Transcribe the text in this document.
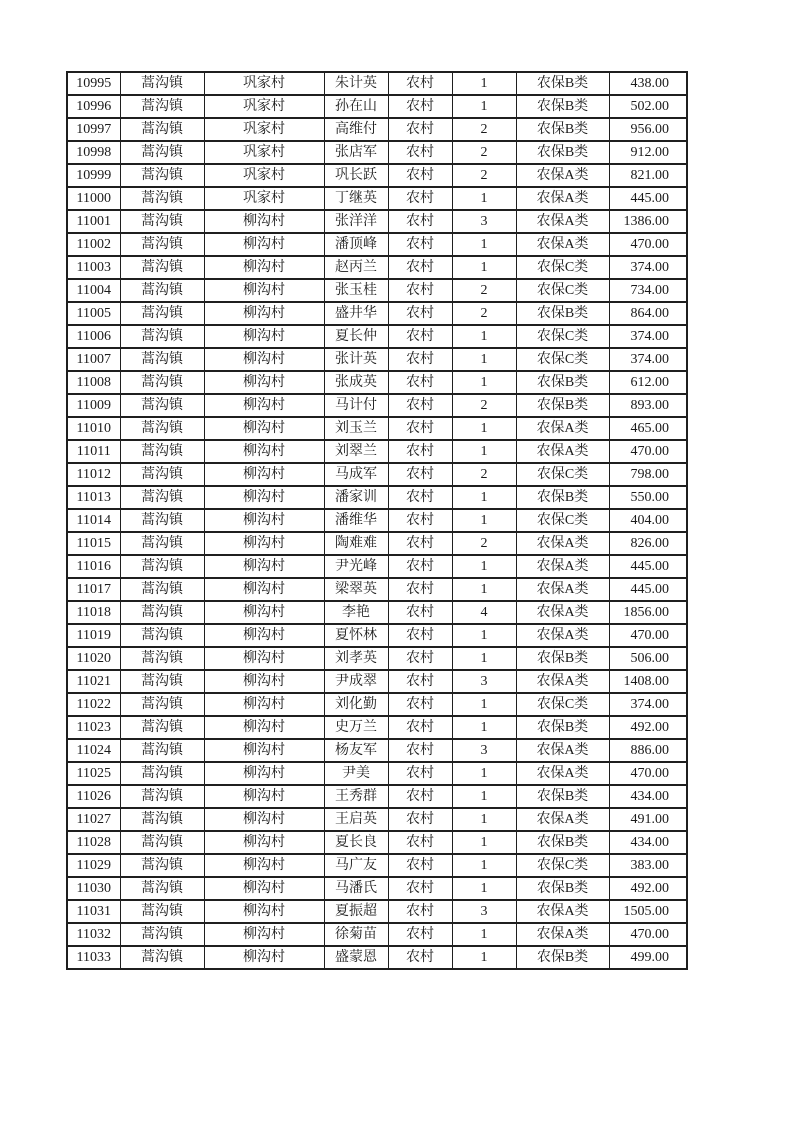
10995	蒿沟镇	巩家村	朱计英	农村	1	农保B类	438.00
10996	蒿沟镇	巩家村	孙在山	农村	1	农保B类	502.00
10997	蒿沟镇	巩家村	高维付	农村	2	农保B类	956.00
10998	蒿沟镇	巩家村	张店军	农村	2	农保B类	912.00
10999	蒿沟镇	巩家村	巩长跃	农村	2	农保A类	821.00
11000	蒿沟镇	巩家村	丁继英	农村	1	农保A类	445.00
11001	蒿沟镇	柳沟村	张洋洋	农村	3	农保A类	1386.00
11002	蒿沟镇	柳沟村	潘顶峰	农村	1	农保A类	470.00
11003	蒿沟镇	柳沟村	赵丙兰	农村	1	农保C类	374.00
11004	蒿沟镇	柳沟村	张玉桂	农村	2	农保C类	734.00
11005	蒿沟镇	柳沟村	盛井华	农村	2	农保B类	864.00
11006	蒿沟镇	柳沟村	夏长仲	农村	1	农保C类	374.00
11007	蒿沟镇	柳沟村	张计英	农村	1	农保C类	374.00
11008	蒿沟镇	柳沟村	张成英	农村	1	农保B类	612.00
11009	蒿沟镇	柳沟村	马计付	农村	2	农保B类	893.00
11010	蒿沟镇	柳沟村	刘玉兰	农村	1	农保A类	465.00
11011	蒿沟镇	柳沟村	刘翠兰	农村	1	农保A类	470.00
11012	蒿沟镇	柳沟村	马成军	农村	2	农保C类	798.00
11013	蒿沟镇	柳沟村	潘家训	农村	1	农保B类	550.00
11014	蒿沟镇	柳沟村	潘维华	农村	1	农保C类	404.00
11015	蒿沟镇	柳沟村	陶难难	农村	2	农保A类	826.00
11016	蒿沟镇	柳沟村	尹光峰	农村	1	农保A类	445.00
11017	蒿沟镇	柳沟村	梁翠英	农村	1	农保A类	445.00
11018	蒿沟镇	柳沟村	李艳	农村	4	农保A类	1856.00
11019	蒿沟镇	柳沟村	夏怀林	农村	1	农保A类	470.00
11020	蒿沟镇	柳沟村	刘孝英	农村	1	农保B类	506.00
11021	蒿沟镇	柳沟村	尹成翠	农村	3	农保A类	1408.00
11022	蒿沟镇	柳沟村	刘化勤	农村	1	农保C类	374.00
11023	蒿沟镇	柳沟村	史万兰	农村	1	农保B类	492.00
11024	蒿沟镇	柳沟村	杨友军	农村	3	农保A类	886.00
11025	蒿沟镇	柳沟村	尹美	农村	1	农保A类	470.00
11026	蒿沟镇	柳沟村	王秀群	农村	1	农保B类	434.00
11027	蒿沟镇	柳沟村	王启英	农村	1	农保A类	491.00
11028	蒿沟镇	柳沟村	夏长良	农村	1	农保B类	434.00
11029	蒿沟镇	柳沟村	马广友	农村	1	农保C类	383.00
11030	蒿沟镇	柳沟村	马潘氏	农村	1	农保B类	492.00
11031	蒿沟镇	柳沟村	夏振超	农村	3	农保A类	1505.00
11032	蒿沟镇	柳沟村	徐菊苗	农村	1	农保A类	470.00
11033	蒿沟镇	柳沟村	盛蒙恩	农村	1	农保B类	499.00
